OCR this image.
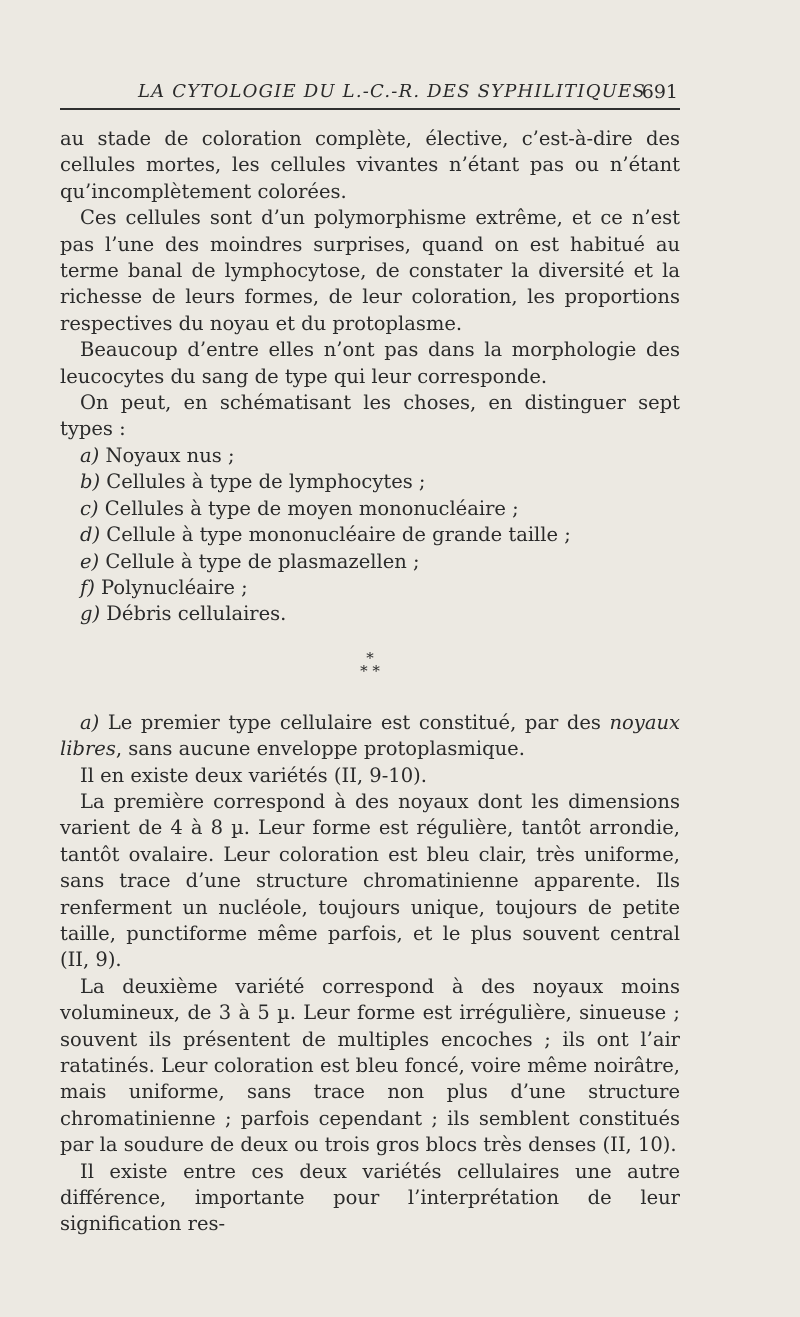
LA CYTOLOGIE DU L.-C.-R. DES SYPHILITIQUES
691

au stade de coloration complète, élective, c’est-à-dire des cellules mortes, les cellules vivantes n’étant pas ou n’étant qu’incomplètement colorées.

Ces cellules sont d’un polymorphisme extrême, et ce n’est pas l’une des moindres surprises, quand on est habitué au terme banal de lymphocytose, de constater la diversité et la richesse de leurs formes, de leur coloration, les proportions respectives du noyau et du protoplasme.

Beaucoup d’entre elles n’ont pas dans la morphologie des leucocytes du sang de type qui leur corresponde.

On peut, en schématisant les choses, en distinguer sept types :

a) Noyaux nus ;
b) Cellules à type de lymphocytes ;
c) Cellules à type de moyen mononucléaire ;
d) Cellule à type mononucléaire de grande taille ;
e) Cellule à type de plasmazellen ;
f) Polynucléaire ;
g) Débris cellulaires.
*
* *

a) Le premier type cellulaire est constitué, par des noyaux libres, sans aucune enveloppe protoplasmique.

Il en existe deux variétés (II, 9-10).

La première correspond à des noyaux dont les dimensions varient de 4 à 8 µ. Leur forme est régulière, tantôt arrondie, tantôt ovalaire. Leur coloration est bleu clair, très uniforme, sans trace d’une structure chromatinienne apparente. Ils renferment un nucléole, toujours unique, toujours de petite taille, punctiforme même parfois, et le plus souvent central (II, 9).

La deuxième variété correspond à des noyaux moins volumineux, de 3 à 5 µ. Leur forme est irrégulière, sinueuse ; souvent ils présentent de multiples encoches ; ils ont l’air ratatinés. Leur coloration est bleu foncé, voire même noirâtre, mais uniforme, sans trace non plus d’une structure chromatinienne ; parfois cependant ; ils semblent constitués par la soudure de deux ou trois gros blocs très denses (II, 10).

Il existe entre ces deux variétés cellulaires une autre différence, importante pour l’interprétation de leur signification res-
